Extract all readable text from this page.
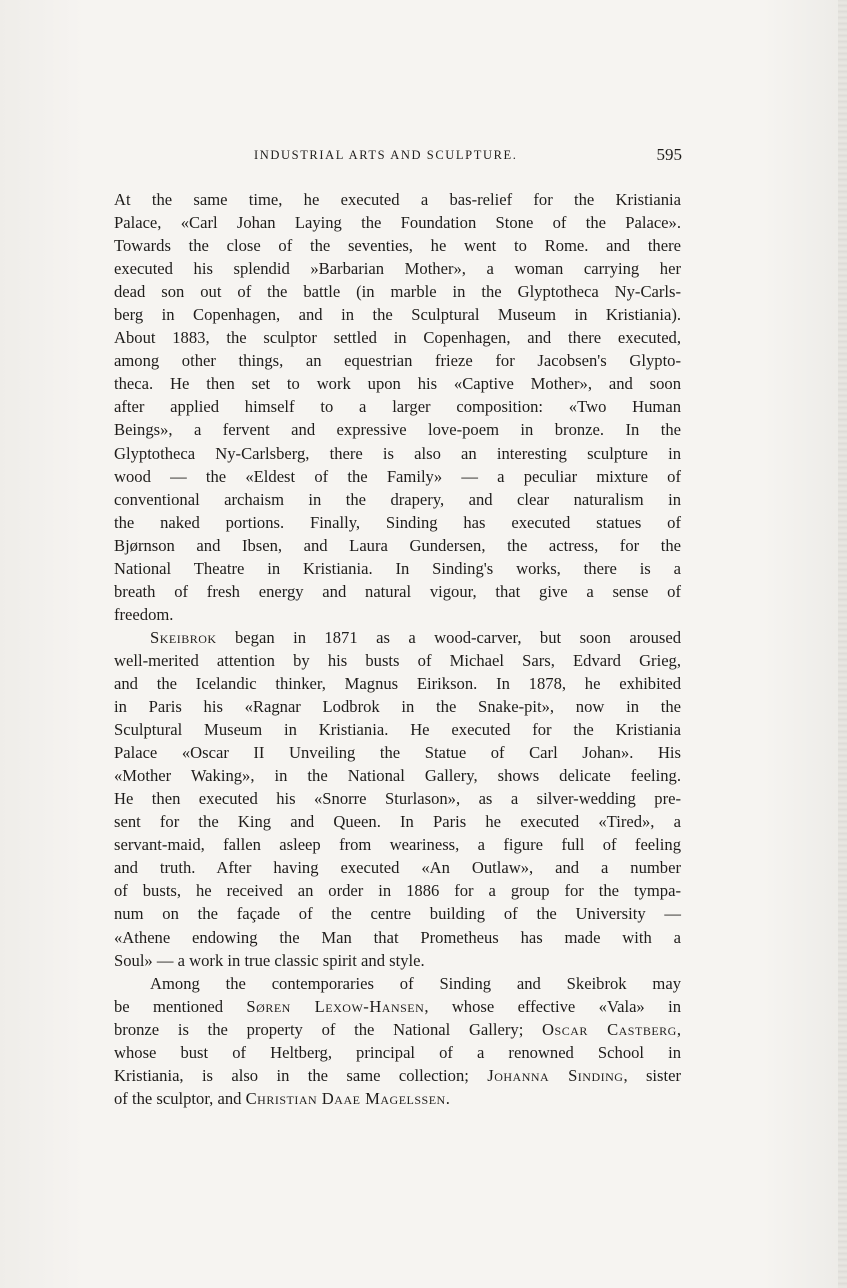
INDUSTRIAL ARTS AND SCULPTURE.	595
At the same time, he executed a bas-relief for the Kristiania
Palace, «Carl Johan Laying the Foundation Stone of the Palace».
Towards the close of the seventies, he went to Rome. and there
executed his splendid »Barbarian Mother», a woman carrying her
dead son out of the battle (in marble in the Glyptotheca Ny-Carls-
berg in Copenhagen, and in the Sculptural Museum in Kristiania).
About 1883, the sculptor settled in Copenhagen, and there executed,
among other things, an equestrian frieze for Jacobsen's Glypto-
theca. He then set to work upon his «Captive Mother», and soon
after applied himself to a larger composition: «Two Human
Beings», a fervent and expressive love-poem in bronze. In the
Glyptotheca Ny-Carlsberg, there is also an interesting sculpture in
wood — the «Eldest of the Family» — a peculiar mixture of
conventional archaism in the drapery, and clear naturalism in
the naked portions. Finally, Sinding has executed statues of
Bjørnson and Ibsen, and Laura Gundersen, the actress, for the
National Theatre in Kristiania. In Sinding's works, there is a
breath of fresh energy and natural vigour, that give a sense of
freedom.
Skeibrok began in 1871 as a wood-carver, but soon aroused
well-merited attention by his busts of Michael Sars, Edvard Grieg,
and the Icelandic thinker, Magnus Eirikson. In 1878, he exhibited
in Paris his «Ragnar Lodbrok in the Snake-pit», now in the
Sculptural Museum in Kristiania. He executed for the Kristiania
Palace «Oscar II Unveiling the Statue of Carl Johan». His
«Mother Waking», in the National Gallery, shows delicate feeling.
He then executed his «Snorre Sturlason», as a silver-wedding pre-
sent for the King and Queen. In Paris he executed «Tired», a
servant-maid, fallen asleep from weariness, a figure full of feeling
and truth. After having executed «An Outlaw», and a number
of busts, he received an order in 1886 for a group for the tympa-
num on the façade of the centre building of the University —
«Athene endowing the Man that Prometheus has made with a
Soul» — a work in true classic spirit and style.
Among the contemporaries of Sinding and Skeibrok may
be mentioned Søren Lexow-Hansen, whose effective «Vala» in
bronze is the property of the National Gallery; Oscar Castberg,
whose bust of Heltberg, principal of a renowned School in
Kristiania, is also in the same collection; Johanna Sinding, sister
of the sculptor, and Christian Daae Magelssen.
